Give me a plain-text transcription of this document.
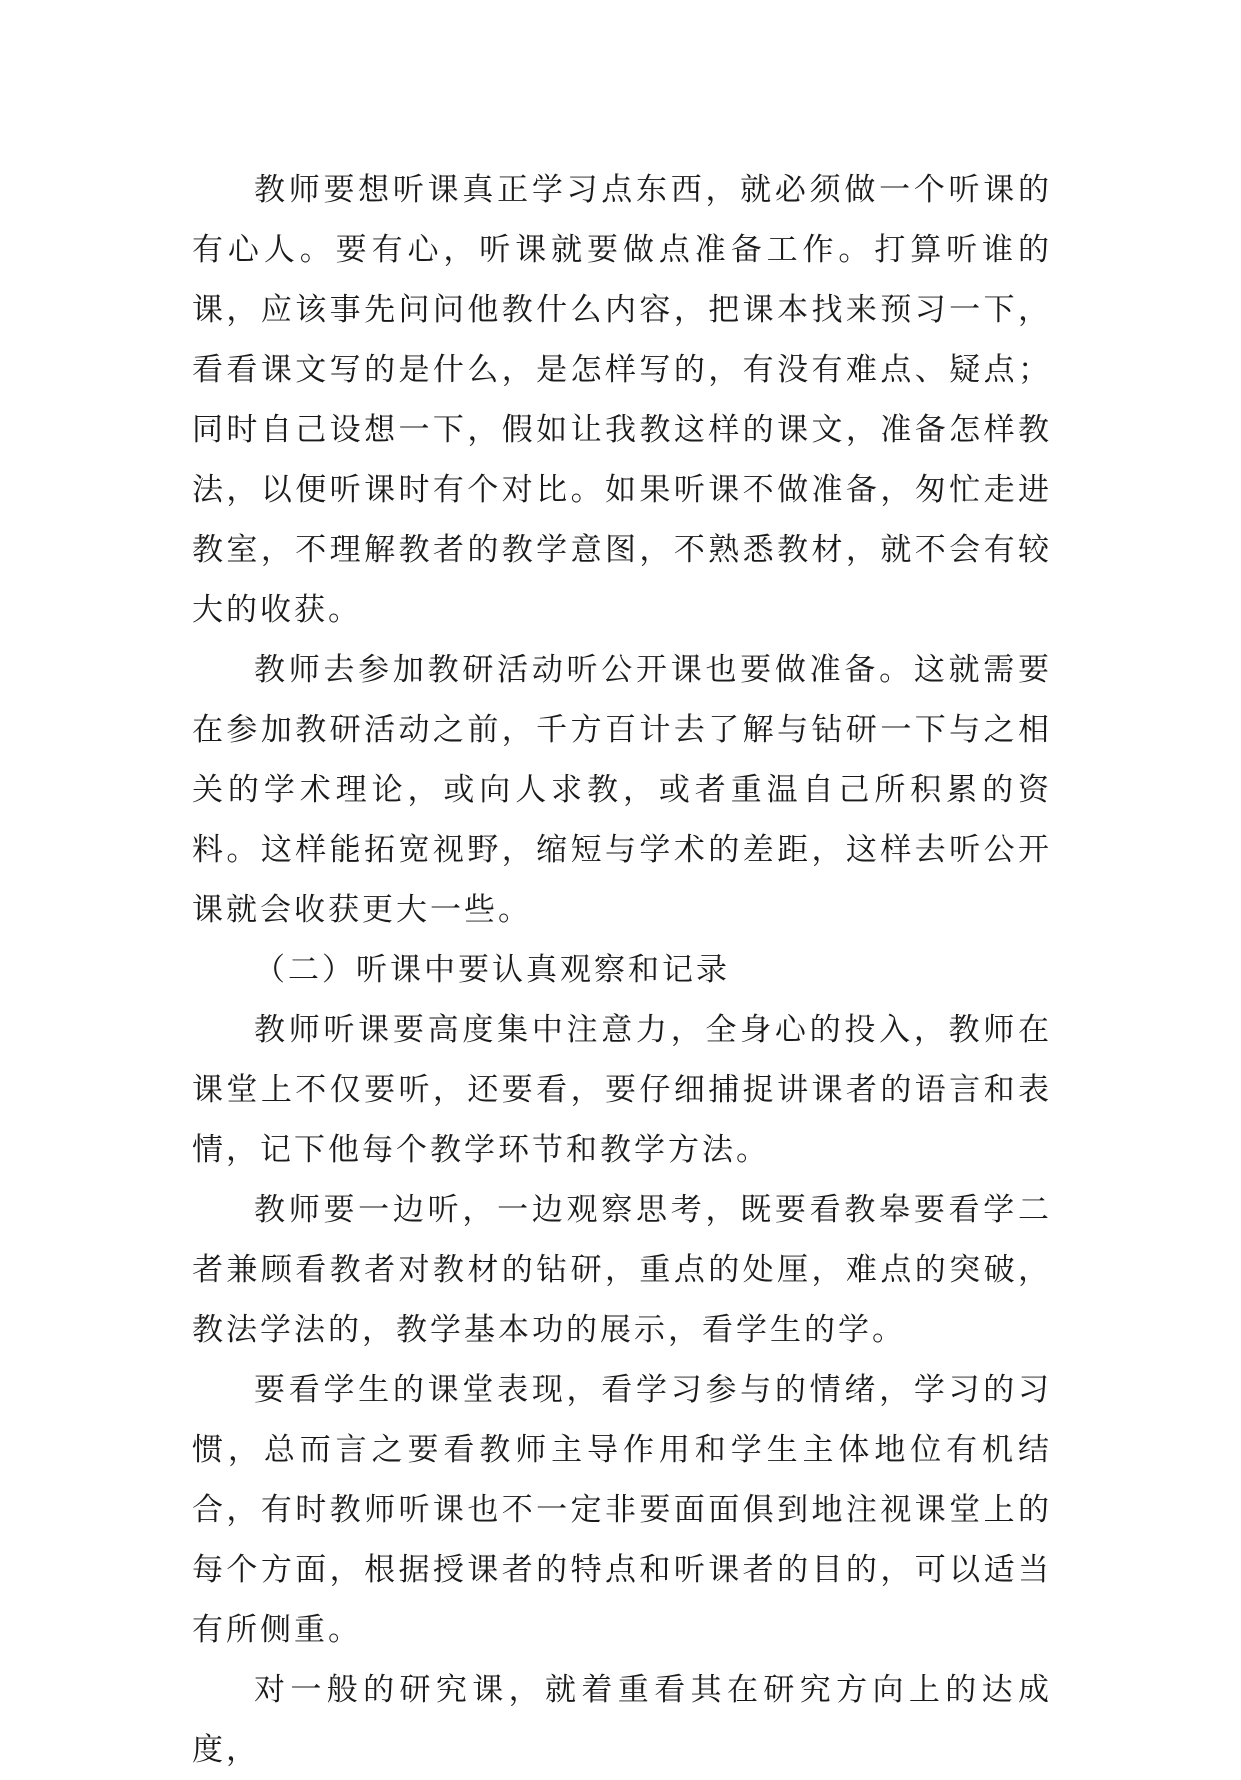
教师要想听课真正学习点东西，就必须做一个听课的有心人。要有心，听课就要做点准备工作。打算听谁的课，应该事先问问他教什么内容，把课本找来预习一下，看看课文写的是什么，是怎样写的，有没有难点、疑点；同时自己设想一下，假如让我教这样的课文，准备怎样教法，以便听课时有个对比。如果听课不做准备，匆忙走进教室，不理解教者的教学意图，不熟悉教材，就不会有较大的收获。

教师去参加教研活动听公开课也要做准备。这就需要在参加教研活动之前，千方百计去了解与钻研一下与之相关的学术理论，或向人求教，或者重温自己所积累的资料。这样能拓宽视野，缩短与学术的差距，这样去听公开课就会收获更大一些。

（二）听课中要认真观察和记录

教师听课要高度集中注意力，全身心的投入，教师在课堂上不仅要听，还要看，要仔细捕捉讲课者的语言和表情，记下他每个教学环节和教学方法。

教师要一边听，一边观察思考，既要看教皋要看学二者兼顾看教者对教材的钻研，重点的处厘，难点的突破，教法学法的，教学基本功的展示，看学生的学。

要看学生的课堂表现，看学习参与的情绪，学习的习惯，总而言之要看教师主导作用和学生主体地位有机结合，有时教师听课也不一定非要面面俱到地注视课堂上的每个方面，根据授课者的特点和听课者的目的，可以适当有所侧重。

对一般的研究课，就着重看其在研究方向上的达成度，
